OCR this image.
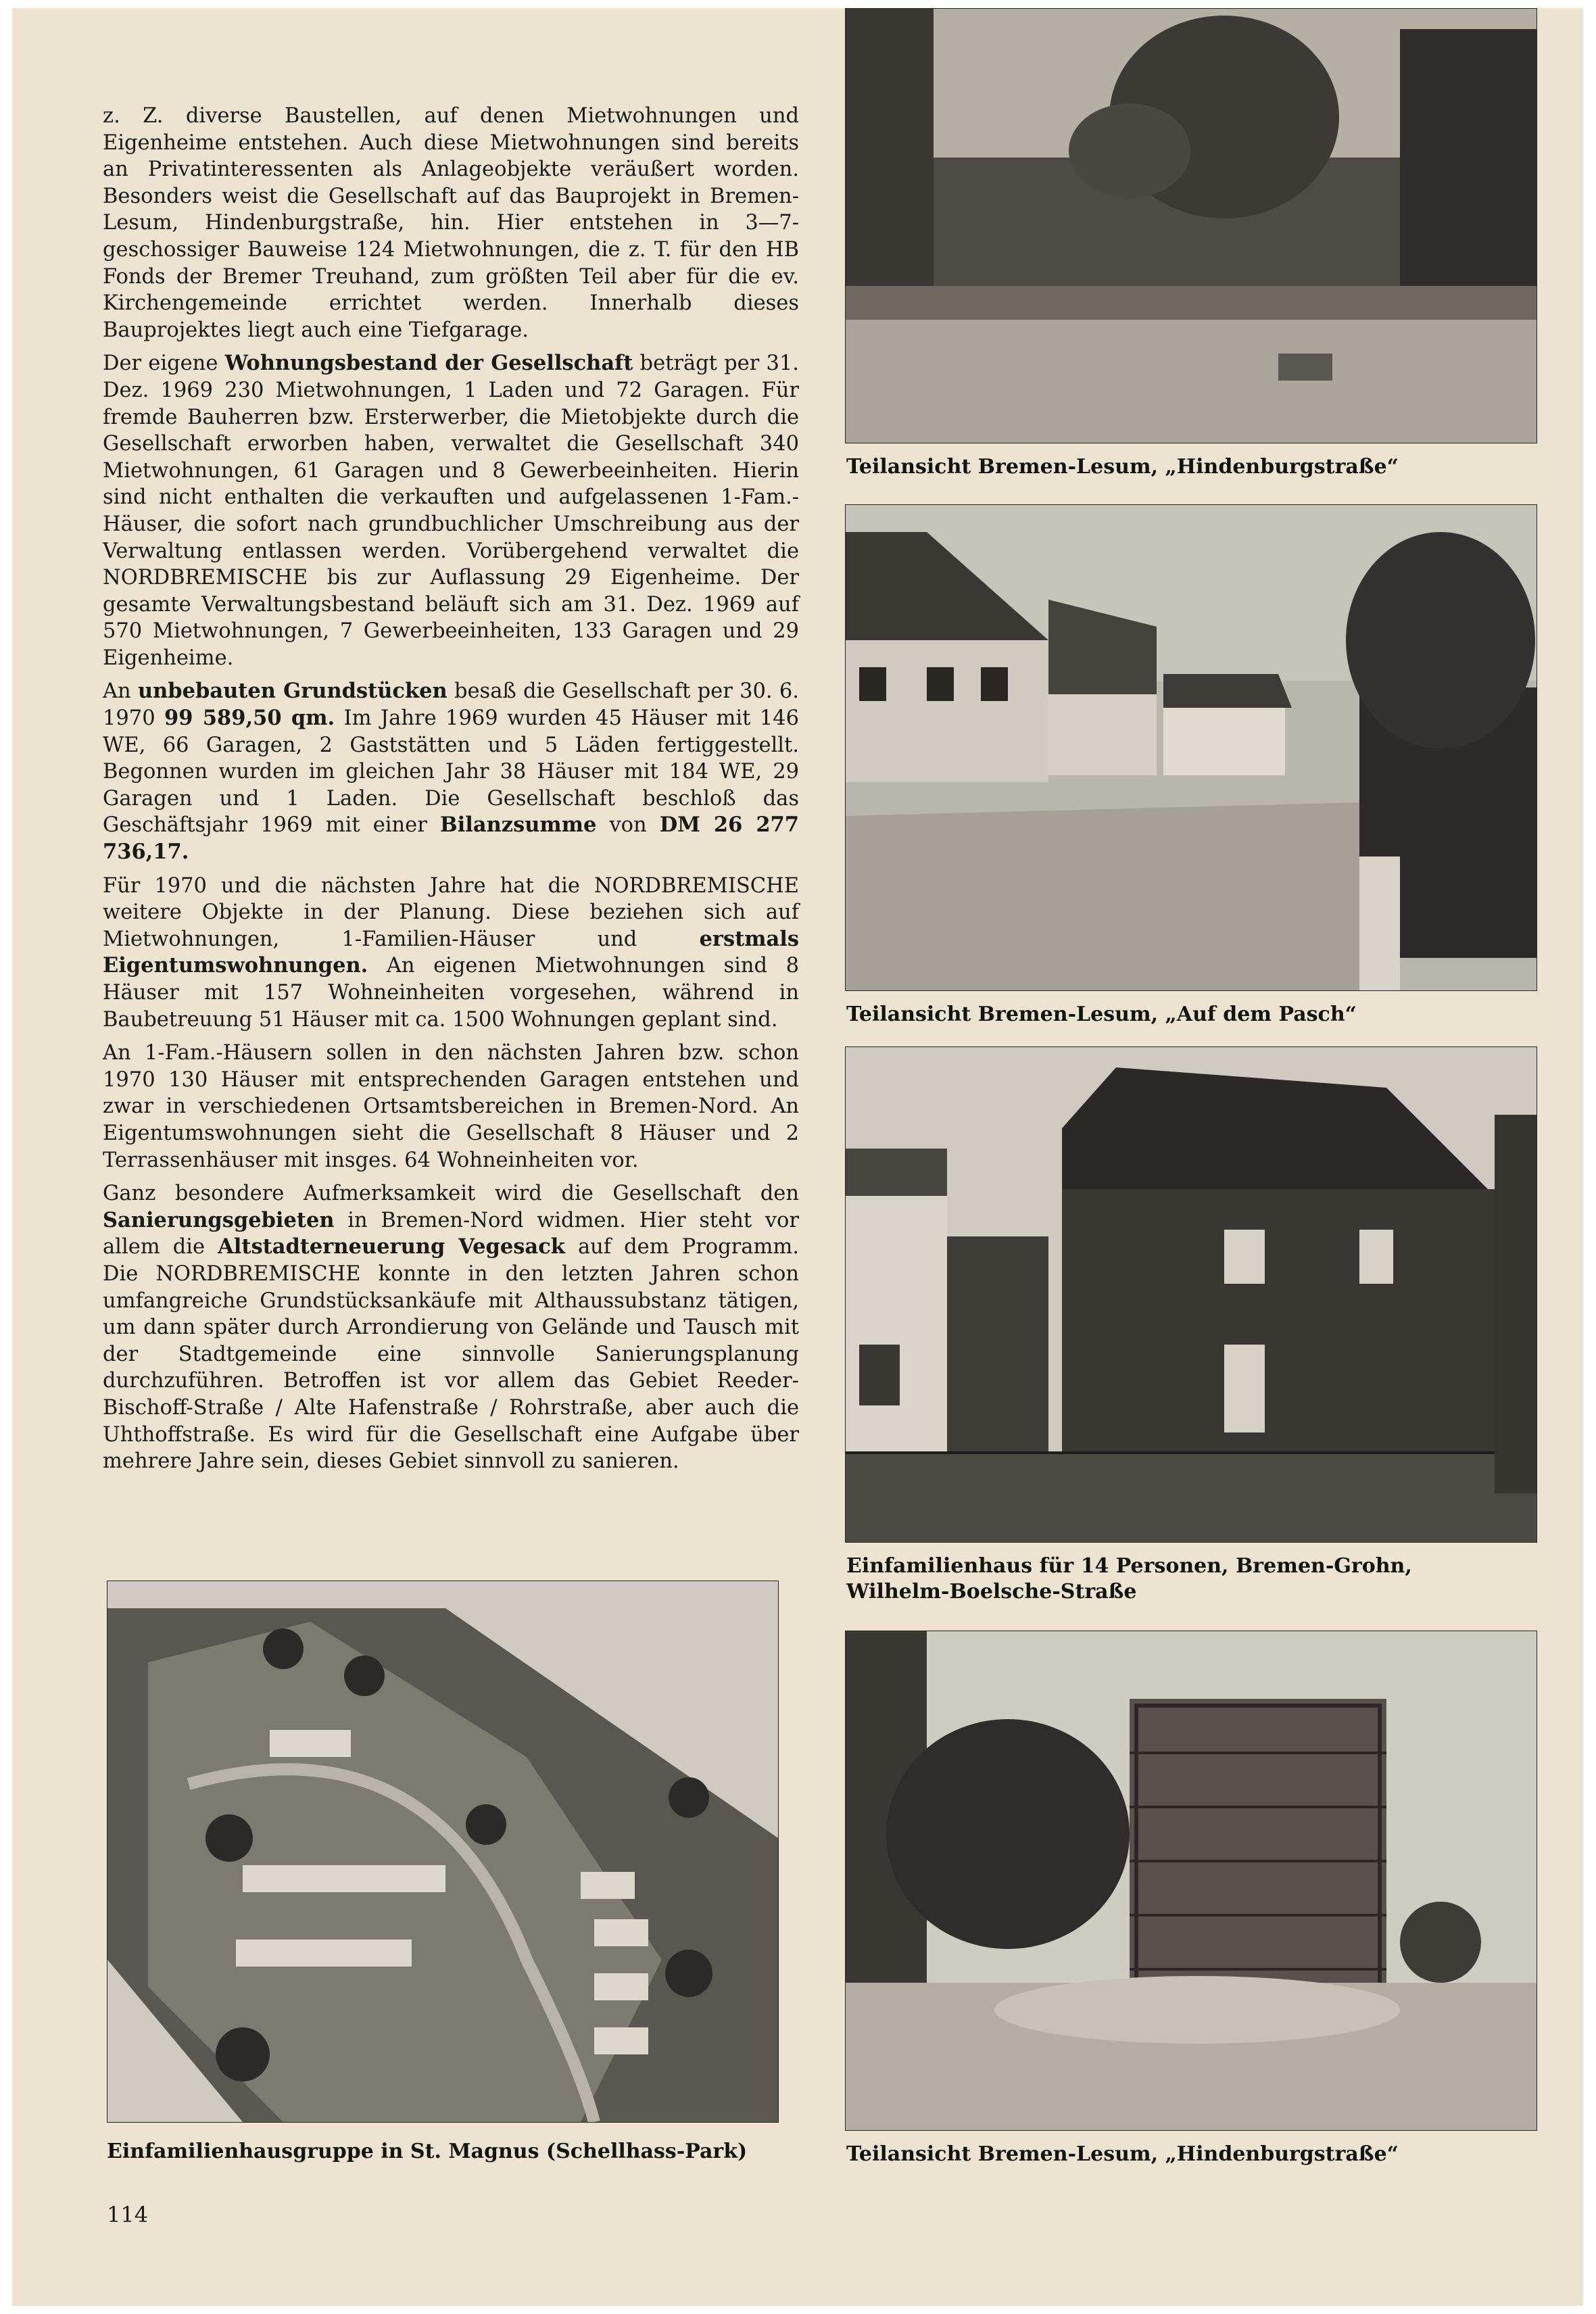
z. Z. diverse Baustellen, auf denen Mietwohnungen und Eigenheime entstehen. Auch diese Mietwohnungen sind bereits an Privatinteressenten als Anlageobjekte veräußert worden. Besonders weist die Gesellschaft auf das Bauprojekt in Bremen-Lesum, Hindenburgstraße, hin. Hier entstehen in 3—7-geschossiger Bauweise 124 Mietwohnungen, die z. T. für den HB Fonds der Bremer Treuhand, zum größten Teil aber für die ev. Kirchengemeinde errichtet werden. Innerhalb dieses Bauprojektes liegt auch eine Tiefgarage.

Der eigene Wohnungsbestand der Gesellschaft beträgt per 31. Dez. 1969 230 Mietwohnungen, 1 Laden und 72 Garagen. Für fremde Bauherren bzw. Ersterwerber, die Mietobjekte durch die Gesellschaft erworben haben, verwaltet die Gesellschaft 340 Mietwohnungen, 61 Garagen und 8 Gewerbeeinheiten. Hierin sind nicht enthalten die verkauften und aufgelassenen 1-Fam.-Häuser, die sofort nach grundbuchlicher Umschreibung aus der Verwaltung entlassen werden. Vorübergehend verwaltet die NORDBREMISCHE bis zur Auflassung 29 Eigenheime. Der gesamte Verwaltungsbestand beläuft sich am 31. Dez. 1969 auf 570 Mietwohnungen, 7 Gewerbeeinheiten, 133 Garagen und 29 Eigenheime.

An unbebauten Grundstücken besaß die Gesellschaft per 30. 6. 1970 99 589,50 qm. Im Jahre 1969 wurden 45 Häuser mit 146 WE, 66 Garagen, 2 Gaststätten und 5 Läden fertiggestellt. Begonnen wurden im gleichen Jahr 38 Häuser mit 184 WE, 29 Garagen und 1 Laden. Die Gesellschaft beschloß das Geschäftsjahr 1969 mit einer Bilanzsumme von DM 26 277 736,17.

Für 1970 und die nächsten Jahre hat die NORDBREMISCHE weitere Objekte in der Planung. Diese beziehen sich auf Mietwohnungen, 1-Familien-Häuser und erstmals Eigentumswohnungen. An eigenen Mietwohnungen sind 8 Häuser mit 157 Wohneinheiten vorgesehen, während in Baubetreuung 51 Häuser mit ca. 1500 Wohnungen geplant sind.

An 1-Fam.-Häusern sollen in den nächsten Jahren bzw. schon 1970 130 Häuser mit entsprechenden Garagen entstehen und zwar in verschiedenen Ortsamtsbereichen in Bremen-Nord. An Eigentumswohnungen sieht die Gesellschaft 8 Häuser und 2 Terrassenhäuser mit insges. 64 Wohneinheiten vor.

Ganz besondere Aufmerksamkeit wird die Gesellschaft den Sanierungsgebieten in Bremen-Nord widmen. Hier steht vor allem die Altstadterneuerung Vegesack auf dem Programm. Die NORDBREMISCHE konnte in den letzten Jahren schon umfangreiche Grundstücksankäufe mit Althaussubstanz tätigen, um dann später durch Arrondierung von Gelände und Tausch mit der Stadtgemeinde eine sinnvolle Sanierungsplanung durchzuführen. Betroffen ist vor allem das Gebiet Reeder-Bischoff-Straße / Alte Hafenstraße / Rohrstraße, aber auch die Uhthoffstraße. Es wird für die Gesellschaft eine Aufgabe über mehrere Jahre sein, dieses Gebiet sinnvoll zu sanieren.

Teilansicht Bremen-Lesum, „Hindenburgstraße“
Teilansicht Bremen-Lesum, „Auf dem Pasch“
Einfamilienhaus für 14 Personen, Bremen-Grohn,
Wilhelm-Boelsche-Straße
Teilansicht Bremen-Lesum, „Hindenburgstraße“
Einfamilienhausgruppe in St. Magnus (Schellhass-Park)
114
